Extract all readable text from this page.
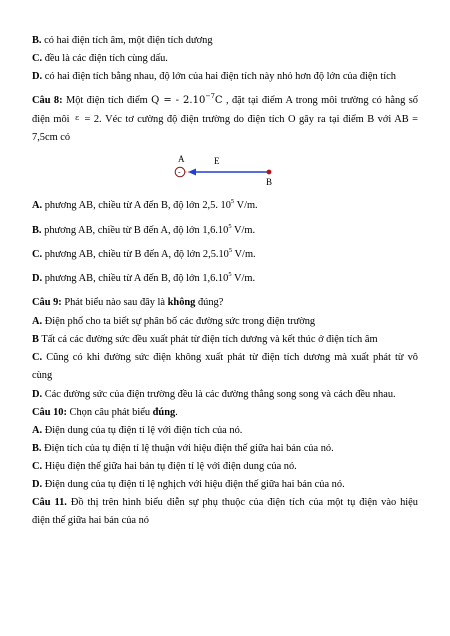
B. có hai điện tích âm, một điện tích dương
C. đều là các điện tích cùng dấu.
D. có hai điện tích bằng nhau, độ lớn của hai điện tích này nhỏ hơn độ lớn của điện tích
Câu 8: Một điện tích điểm Q = - $2.10^{-7}C$ , đặt tại điểm A trong môi trường có hằng số
điện môi ε = 2. Véc tơ cường độ điện trường do điện tích O gây ra tại điểm B với AB =
7,5cm có
A	E
-
B
A. phương AB, chiều từ A đến B, độ lớn 2,5. $10^5$ V/m.
B. phương AB, chiều từ B đến A, độ lớn 1,6.10$^5$ V/m.
C. phương AB, chiều từ B đến A, độ lớn 2,5.10$^5$ V/m.
D. phương AB, chiều từ A đến B, độ lớn 1,6.10$^5$ V/m.
Câu 9: Phát biểu nào sau đây là không đúng?
A. Điện phổ cho ta biết sự phân bố các đường sức trong điện trường
B Tất cả các đường sức đều xuất phát từ điện tích dương và kết thúc ở điện tích âm
C. Cũng có khi đường sức điện không xuất phát từ điện tích dương mà xuất phát từ vô
cùng
D. Các đường sức của điện trường đều là các đường thẳng song song và cách đều nhau.
Câu 10: Chọn câu phát biểu đúng.
A. Điện dung của tụ điện tỉ lệ với điện tích của nó.
B. Điện tích của tụ điện tỉ lệ thuận với hiệu điện thế giữa hai bản của nó.
C. Hiệu điện thế giữa hai bản tụ điện tỉ lệ với điện dung của nó.
D. Điện dung của tụ điện tỉ lệ nghịch với hiệu điện thế giữa hai bản của nó.
Câu 11. Đồ thị trên hình biểu diễn sự phụ thuộc của điện tích của một tụ điện vào hiệu
điện thế giữa hai bản của nó
